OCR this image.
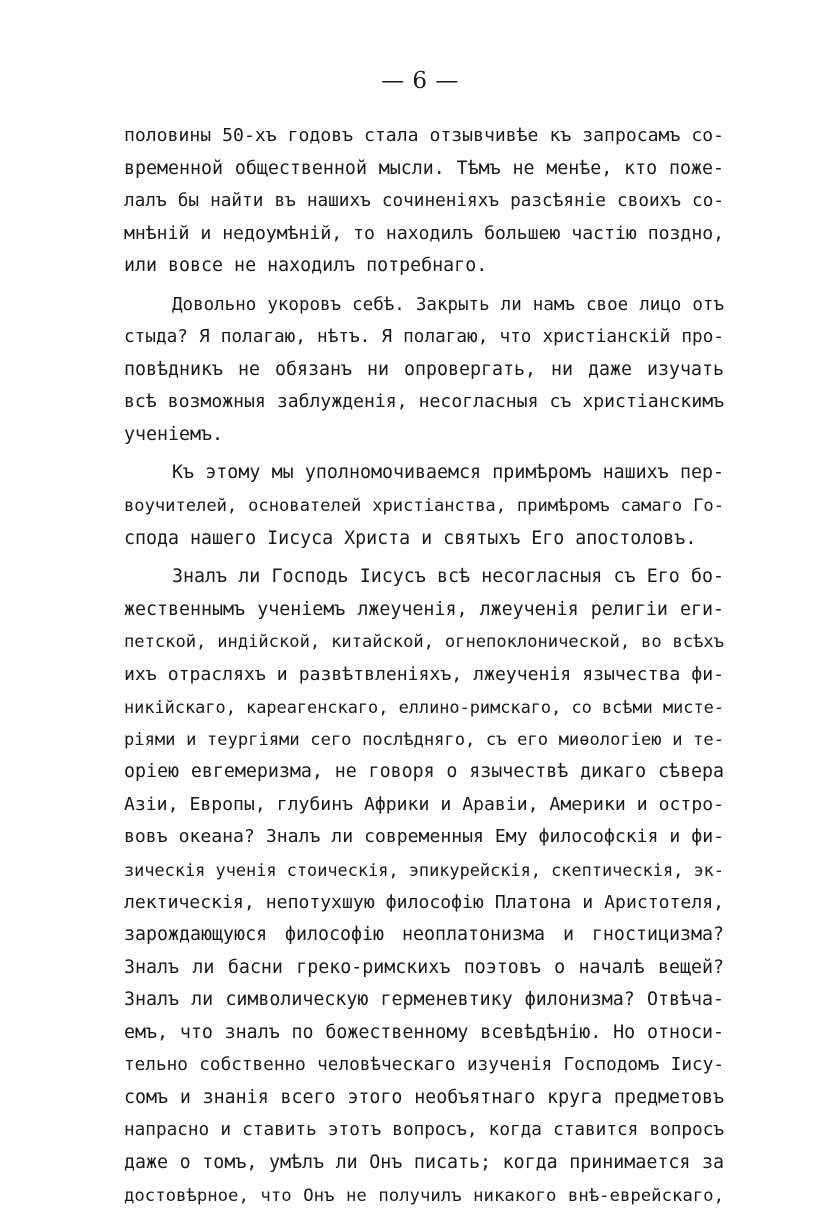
— 6 —
половины 50-хъ годовъ стала отзывчивѣе къ запросамъ со-
временной общественной мысли. Тѣмъ не менѣе, кто поже-
лалъ бы найти въ нашихъ сочиненіяхъ разсѣяніе своихъ со-
мнѣній и недоумѣній, то находилъ большею частію поздно,
или вовсе не находилъ потребнаго.
Довольно укоровъ себѣ. Закрыть ли намъ свое лицо отъ
стыда? Я полагаю, нѣтъ. Я полагаю, что христіанскій про-
повѣдникъ не обязанъ ни опровергать, ни даже изучать
всѣ возможныя заблужденія, несогласныя съ христіанскимъ
ученіемъ.
Къ этому мы уполномочиваемся примѣромъ нашихъ пер-
воучителей, основателей христіанства, примѣромъ самаго Го-
спода нашего Іисуса Христа и святыхъ Его апостоловъ.
Зналъ ли Господь Іисусъ всѣ несогласныя съ Его бо-
жественнымъ ученіемъ лжеученія, лжеученія религіи еги-
петской, индійской, китайской, огнепоклонической, во всѣхъ
ихъ отрасляхъ и развѣтвленіяхъ, лжеученія язычества фи-
никійскаго, кареагенскаго, еллино-римскаго, со всѣми мисте-
ріями и теургіями сего послѣдняго, съ его миѳологіею и те-
оріею евгемеризма, не говоря о язычествѣ дикаго сѣвера
Азіи, Европы, глубинъ Африки и Аравіи, Америки и остро-
вовъ океана? Зналъ ли современныя Ему философскія и фи-
зическія ученія стоическія, эпикурейскія, скептическія, эк-
лектическія, непотухшую философію Платона и Аристотеля,
зарождающуюся философію неоплатонизма и гностицизма?
Зналъ ли басни греко-римскихъ поэтовъ о началѣ вещей?
Зналъ ли символическую герменевтику филонизма? Отвѣча-
емъ, что зналъ по божественному всевѣдѣнію. Но относи-
тельно собственно человѣческаго изученія Господомъ Іису-
сомъ и знанія всего этого необъятнаго круга предметовъ
напрасно и ставить этотъ вопросъ, когда ставится вопросъ
даже о томъ, умѣлъ ли Онъ писать; когда принимается за
достовѣрное, что Онъ не получилъ никакого внѣ-еврейскаго,
